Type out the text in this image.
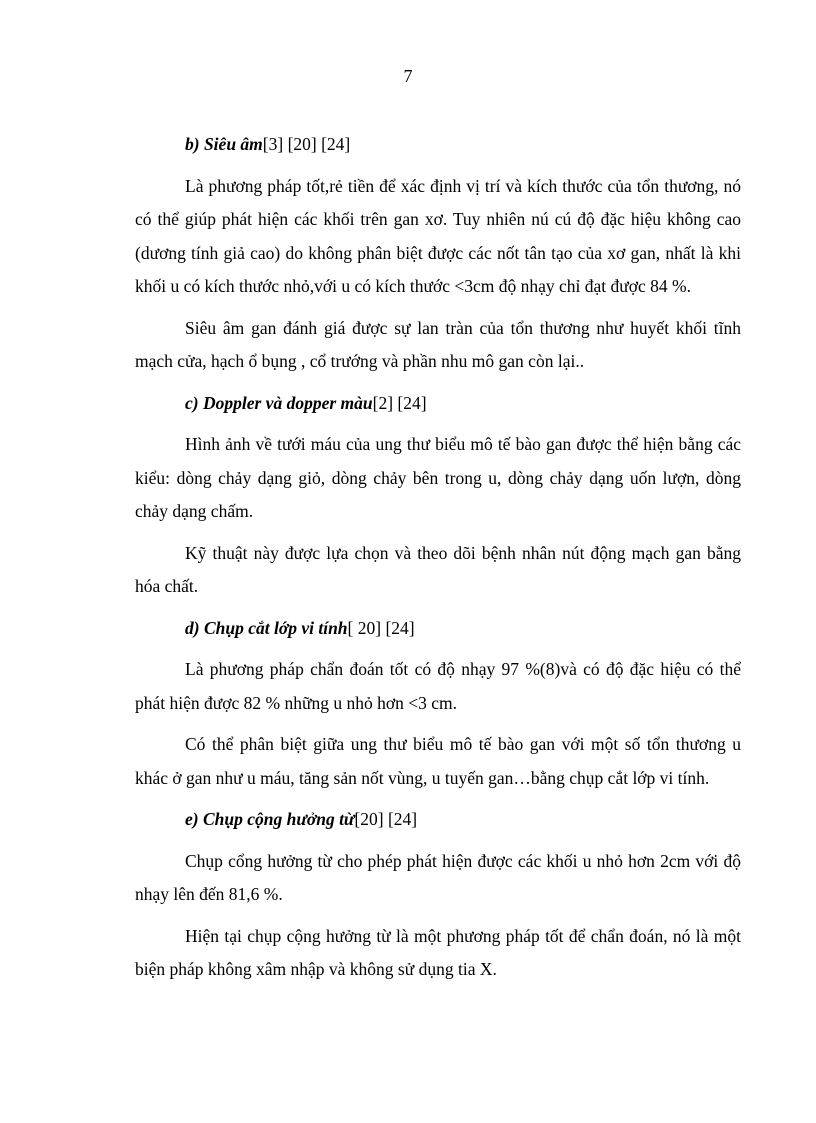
7

b) Siêu âm[3] [20] [24]

Là phương pháp tốt,rẻ tiền để xác định vị trí và kích thước của tổn thương, nó có thể giúp phát hiện các khối trên gan xơ. Tuy nhiên nú cú độ đặc hiệu không cao (dương tính giả cao) do không phân biệt được các nốt tân tạo của xơ gan, nhất là khi khối u có kích thước nhỏ,với u có kích thước <3cm độ nhạy chỉ đạt được 84 %.

Siêu âm gan đánh giá được sự lan tràn của tổn thương như huyết khối tĩnh mạch cửa, hạch ổ bụng , cổ trướng và phần nhu mô gan còn lại..

c) Doppler và dopper màu[2] [24]

Hình ảnh về tưới máu của ung thư biểu mô tế bào gan được thể hiện bằng các kiểu: dòng chảy dạng giỏ, dòng chảy bên trong u, dòng chảy dạng uốn lượn, dòng chảy dạng chấm.

Kỹ thuật này được lựa chọn và theo dõi bệnh nhân nút động mạch gan bằng hóa chất.

d) Chụp cắt lớp vi tính[ 20] [24]

Là phương pháp chẩn đoán tốt có độ nhạy 97 %(8)và có độ đặc hiệu có thể phát hiện được 82 % những u nhỏ hơn <3 cm.

Có thể phân biệt giữa ung thư biểu mô tế bào gan với một số tổn thương u khác ở gan như u máu, tăng sản nốt vùng, u tuyến gan…bằng chụp cắt lớp vi tính.

e) Chụp cộng hưởng từ[20] [24]

Chụp cổng hưởng từ cho phép phát hiện được các khối u nhỏ hơn 2cm với độ nhạy lên đến 81,6 %.

Hiện tại chụp cộng hưởng từ là một phương pháp tốt để chẩn đoán, nó là một biện pháp không xâm nhập và không sử dụng tia X.
